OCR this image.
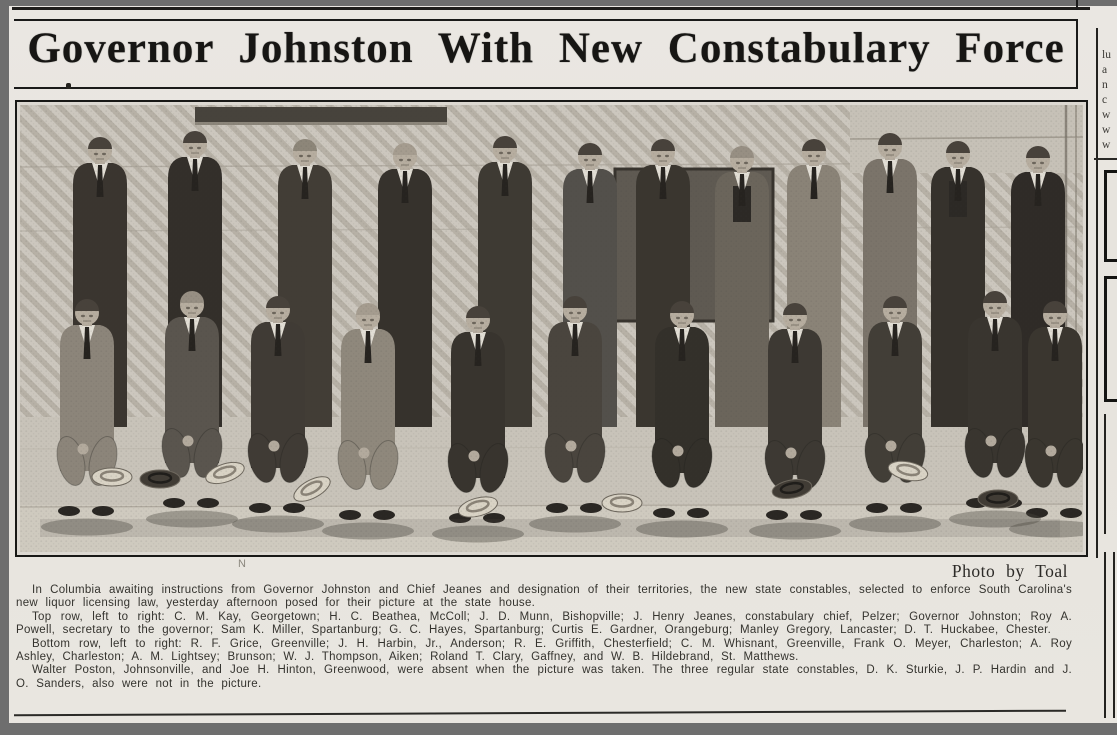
Governor Johnston With New Constabulary Force
Photo by Toal
N

In Columbia awaiting instructions from Governor Johnston and Chief Jeanes and designation of their territories, the new state constables, selected to enforce South Carolina's new liquor licensing law, yesterday afternoon posed for their picture at the state house.

Top row, left to right: C. M. Kay, Georgetown; H. C. Beathea, McColl; J. D. Munn, Bishopville; J. Henry Jeanes, constabulary chief, Pelzer; Governor Johnston; Roy A. Powell, secretary to the governor; Sam K. Miller, Spartanburg; G. C. Hayes, Spartanburg; Curtis E. Gardner, Orangeburg; Manley Gregory, Lancaster; D. T. Huckabee, Chester.

Bottom row, left to right: R. F. Grice, Greenville; J. H. Harbin, Jr., Anderson; R. E. Griffith, Chesterfield; C. M. Whisnant, Greenville, Frank O. Meyer, Charleston; A. Roy Ashley, Charleston; A. M. Lightsey; Brunson; W. J. Thompson, Aiken; Roland T. Clary, Gaffney, and W. B. Hildebrand, St. Matthews.

Walter Poston, Johnsonville, and Joe H. Hinton, Greenwood, were absent when the picture was taken. The three regular state constables, D. K. Sturkie, J. P. Hardin and J. O. Sanders, also were not in the picture.

lu
a
n
c
w
w
w
